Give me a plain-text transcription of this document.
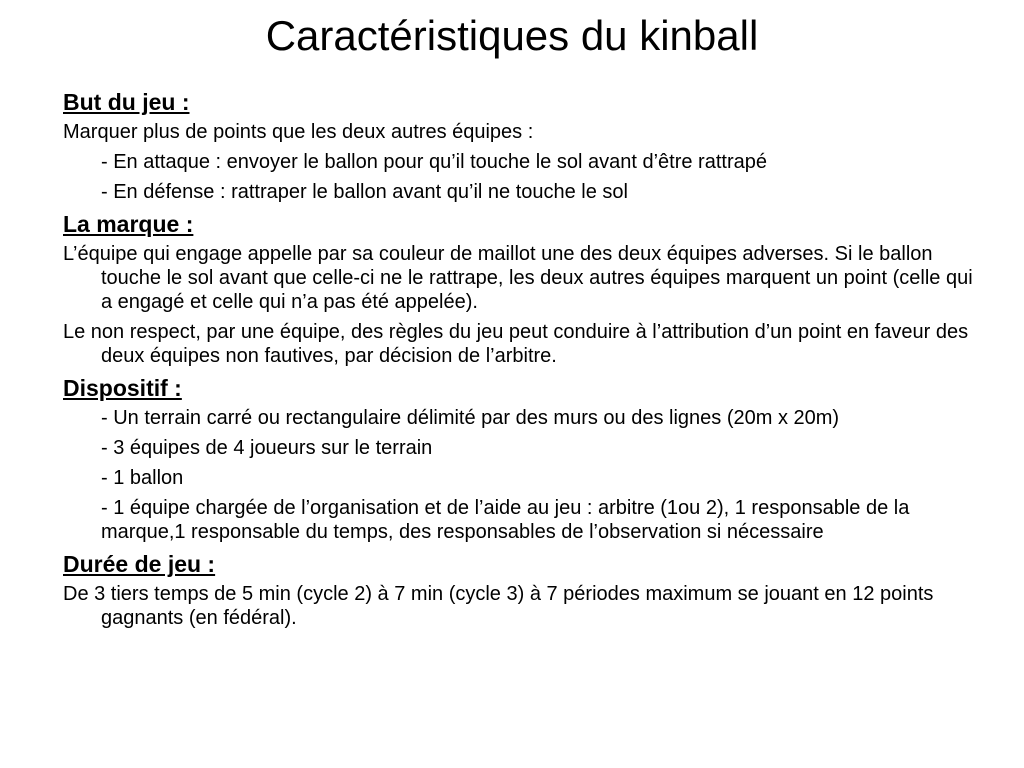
Caractéristiques du kinball
But du jeu :
Marquer plus de points que les deux autres équipes :
- En attaque : envoyer le ballon pour qu’il touche le sol avant d’être rattrapé
- En défense : rattraper le ballon avant qu’il ne touche le sol
La marque :
L’équipe qui engage appelle par sa couleur de maillot une des deux équipes adverses. Si le ballon touche le sol avant que celle-ci ne le rattrape, les deux autres équipes marquent un point (celle qui a engagé et celle qui n’a pas été appelée).
Le non respect, par une équipe, des règles du jeu peut conduire à l’attribution d’un point en faveur des deux équipes non fautives, par décision de l’arbitre.
Dispositif :
- Un terrain carré ou rectangulaire délimité par des murs ou des lignes (20m x 20m)
- 3 équipes de 4 joueurs sur le terrain
- 1 ballon
- 1 équipe chargée de l’organisation et de l’aide au jeu : arbitre (1ou 2), 1 responsable de la marque,1 responsable du temps, des responsables de l’observation si nécessaire
Durée de jeu :
De 3 tiers temps de 5 min (cycle 2) à 7 min (cycle 3) à 7 périodes maximum se jouant en 12 points gagnants (en fédéral).
